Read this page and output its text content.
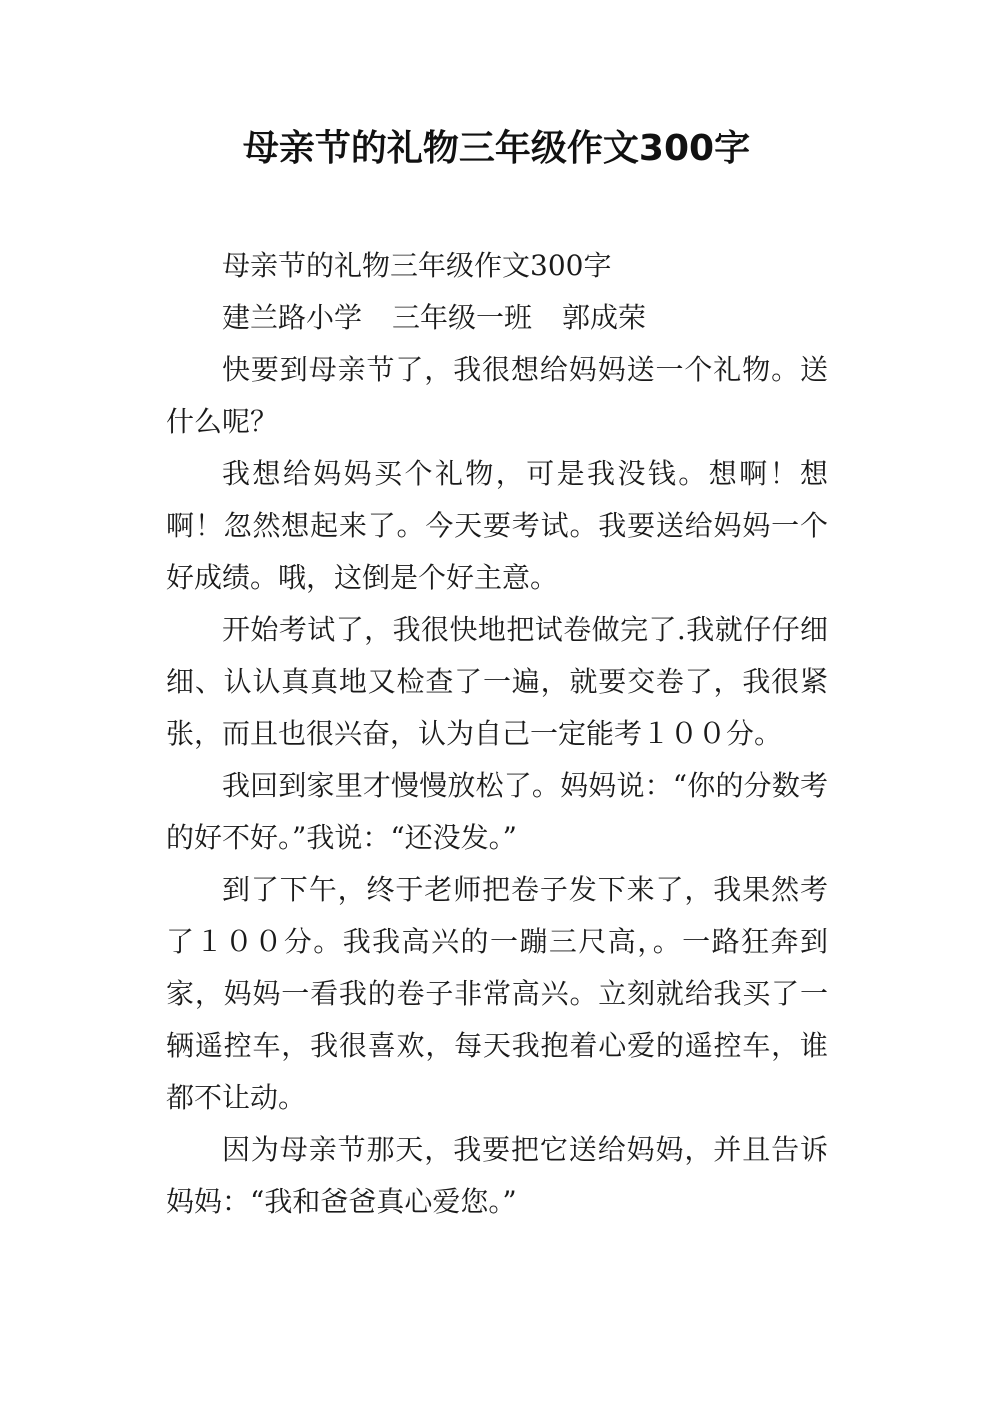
母亲节的礼物三年级作文300字

母亲节的礼物三年级作文300字

建兰路小学 三年级一班 郭成荣

快要到母亲节了，我很想给妈妈送一个礼物。送什么呢？

我想给妈妈买个礼物，可是我没钱。想啊！想啊！忽然想起来了。今天要考试。我要送给妈妈一个好成绩。哦，这倒是个好主意。

开始考试了，我很快地把试卷做完了.我就仔仔细细、认认真真地又检查了一遍，就要交卷了，我很紧张，而且也很兴奋，认为自己一定能考１００分。

我回到家里才慢慢放松了。妈妈说：“你的分数考的好不好。”我说：“还没发。”

到了下午，终于老师把卷子发下来了，我果然考了１００分。我我高兴的一蹦三尺高，。一路狂奔到家，妈妈一看我的卷子非常高兴。立刻就给我买了一辆遥控车，我很喜欢，每天我抱着心爱的遥控车，谁都不让动。

因为母亲节那天，我要把它送给妈妈，并且告诉妈妈：“我和爸爸真心爱您。”
